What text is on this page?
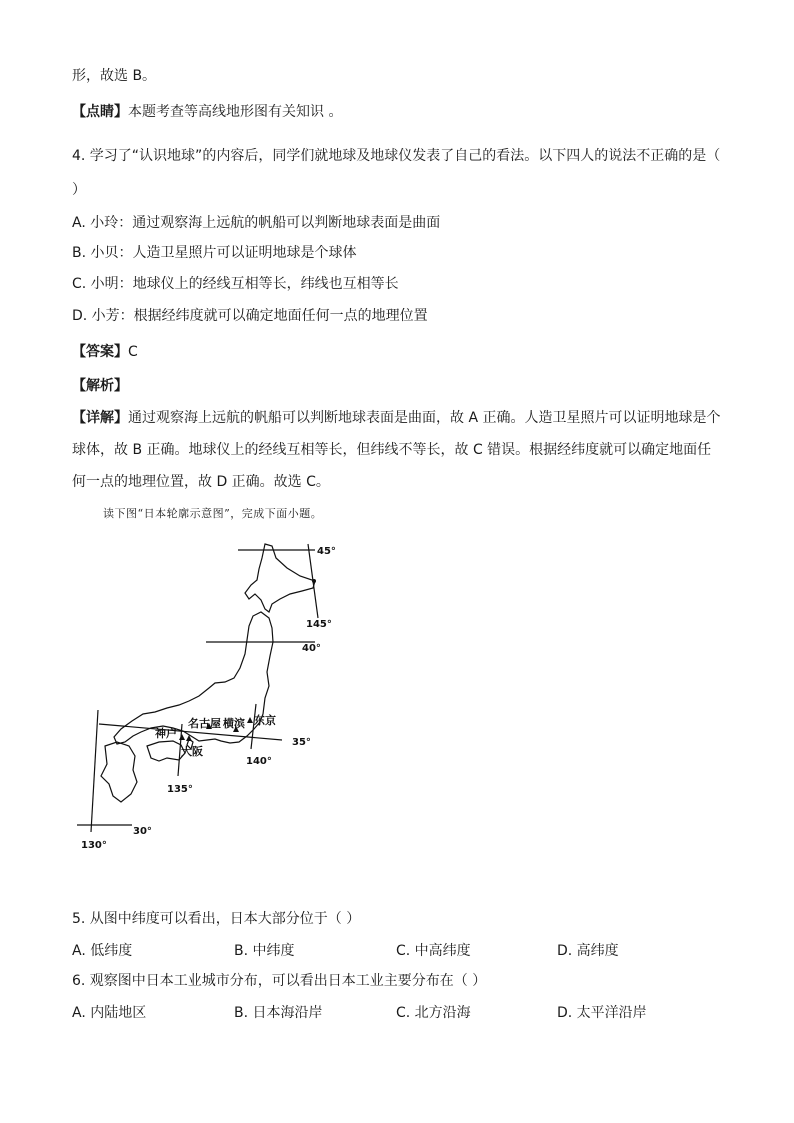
形，故选 B。
【点睛】本题考查等高线地形图有关知识 。
4. 学习了“认识地球”的内容后，同学们就地球及地球仪发表了自己的看法。以下四人的说法不正确的是（
）
A. 小玲：通过观察海上远航的帆船可以判断地球表面是曲面
B. 小贝：人造卫星照片可以证明地球是个球体
C. 小明：地球仪上的经线互相等长，纬线也互相等长
D. 小芳：根据经纬度就可以确定地面任何一点的地理位置
【答案】C
【解析】
【详解】通过观察海上远航的帆船可以判断地球表面是曲面，故 A 正确。人造卫星照片可以证明地球是个球体，故 B 正确。地球仪上的经线互相等长，但纬线不等长，故 C 错误。根据经纬度就可以确定地面任何一点的地理位置，故 D 正确。故选 C。
读下图“日本轮廓示意图”，完成下面小题。
45°
145°
40°
35°
140°
135°
30°
130°
名古屋 横滨 东京
神户
大阪
5. 从图中纬度可以看出，日本大部分位于（ ）
A. 低纬度	B. 中纬度	C. 中高纬度	D. 高纬度
6. 观察图中日本工业城市分布，可以看出日本工业主要分布在（ ）
A. 内陆地区	B. 日本海沿岸	C. 北方沿海	D. 太平洋沿岸
